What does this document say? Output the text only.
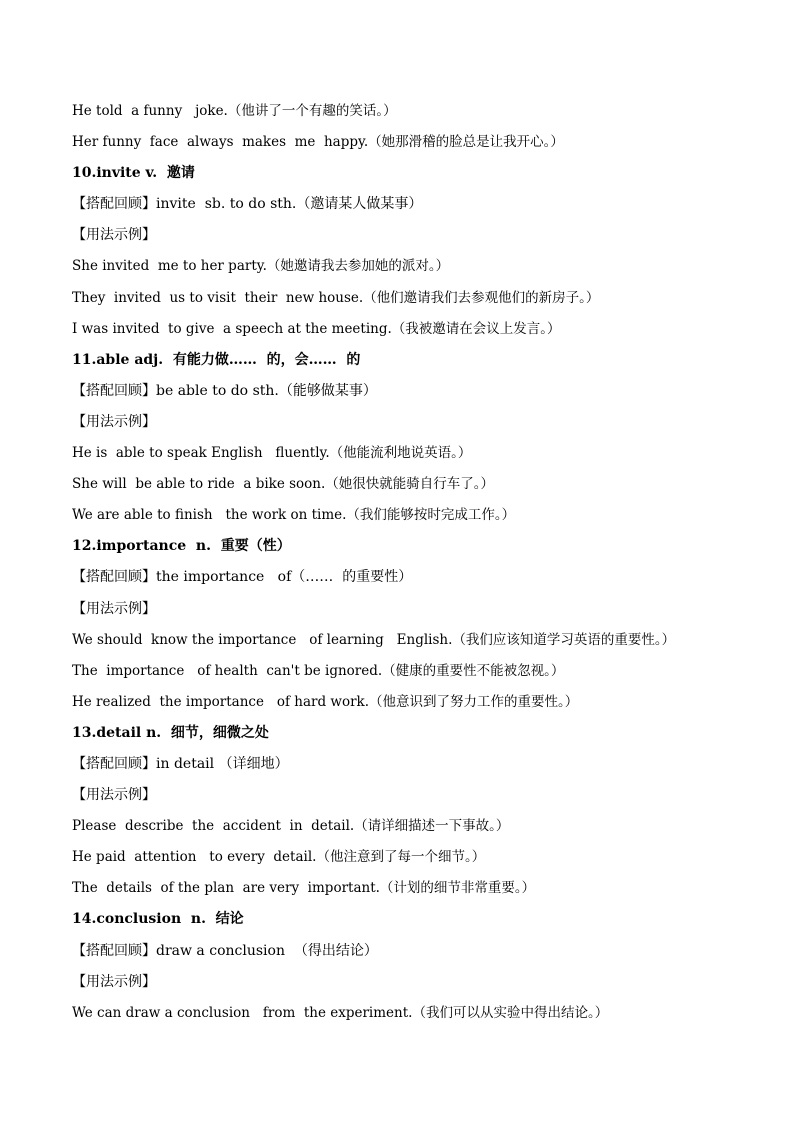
He told  a funny   joke.（他讲了一个有趣的笑话。）
Her funny  face  always  makes  me  happy.（她那滑稽的脸总是让我开心。）
10.invite v.  邀请
【搭配回顾】invite  sb. to do sth.（邀请某人做某事）
【用法示例】
She invited  me to her party.（她邀请我去参加她的派对。）
They  invited  us to visit  their  new house.（他们邀请我们去参观他们的新房子。）
I was invited  to give  a speech at the meeting.（我被邀请在会议上发言。）
11.able adj.  有能力做……  的，会……  的
【搭配回顾】be able to do sth.（能够做某事）
【用法示例】
He is  able to speak English   fluently.（他能流利地说英语。）
She will  be able to ride  a bike soon.（她很快就能骑自行车了。）
We are able to finish   the work on time.（我们能够按时完成工作。）
12.importance  n.  重要（性）
【搭配回顾】the importance   of（……  的重要性）
【用法示例】
We should  know the importance   of learning   English.（我们应该知道学习英语的重要性。）
The  importance   of health  can't be ignored.（健康的重要性不能被忽视。）
He realized  the importance   of hard work.（他意识到了努力工作的重要性。）
13.detail n.  细节，细微之处
【搭配回顾】in detail （详细地）
【用法示例】
Please  describe  the  accident  in  detail.（请详细描述一下事故。）
He paid  attention   to every  detail.（他注意到了每一个细节。）
The  details  of the plan  are very  important.（计划的细节非常重要。）
14.conclusion  n.  结论
【搭配回顾】draw a conclusion  （得出结论）
【用法示例】
We can draw a conclusion   from  the experiment.（我们可以从实验中得出结论。）
